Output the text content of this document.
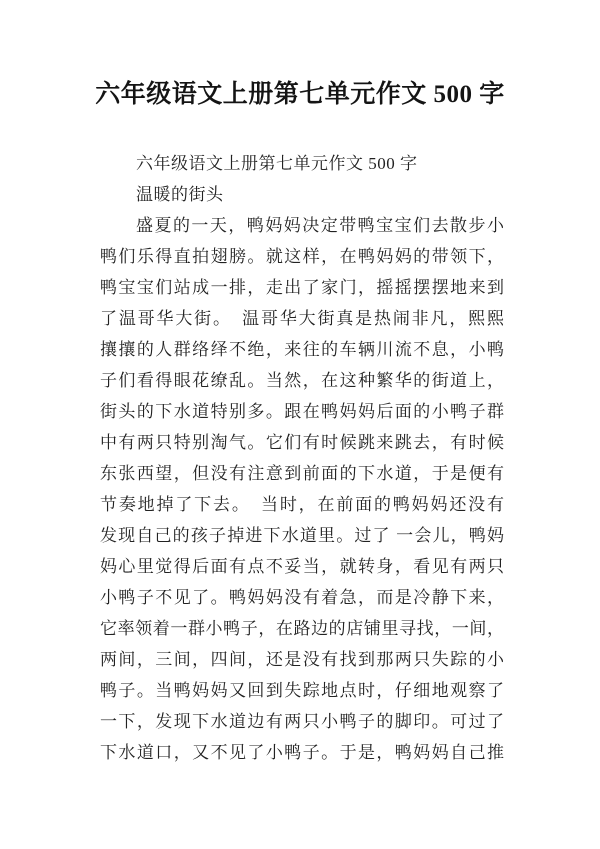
六年级语文上册第七单元作文 500 字
六年级语文上册第七单元作文 500 字
温暖的街头
盛夏的一天，鸭妈妈决定带鸭宝宝们去散步小
鸭们乐得直拍翅膀。就这样，在鸭妈妈的带领下，
鸭宝宝们站成一排，走出了家门，摇摇摆摆地来到
了温哥华大街。　温哥华大街真是热闹非凡，熙熙
攘攘的人群络绎不绝，来往的车辆川流不息，小鸭
子们看得眼花缭乱。当然，在这种繁华的街道上，
街头的下水道特别多。跟在鸭妈妈后面的小鸭子群
中有两只特别淘气。它们有时候跳来跳去，有时候
东张西望，但没有注意到前面的下水道，于是便有
节奏地掉了下去。　当时，在前面的鸭妈妈还没有
发现自己的孩子掉进下水道里。过了 一会儿，鸭妈
妈心里觉得后面有点不妥当，就转身，看见有两只
小鸭子不见了。鸭妈妈没有着急，而是冷静下来，
它率领着一群小鸭子，在路边的店铺里寻找，一间，
两间，三间，四间，还是没有找到那两只失踪的小
鸭子。当鸭妈妈又回到失踪地点时，仔细地观察了
一下，发现下水道边有两只小鸭子的脚印。可过了
下水道口，又不见了小鸭子。于是，鸭妈妈自己推
